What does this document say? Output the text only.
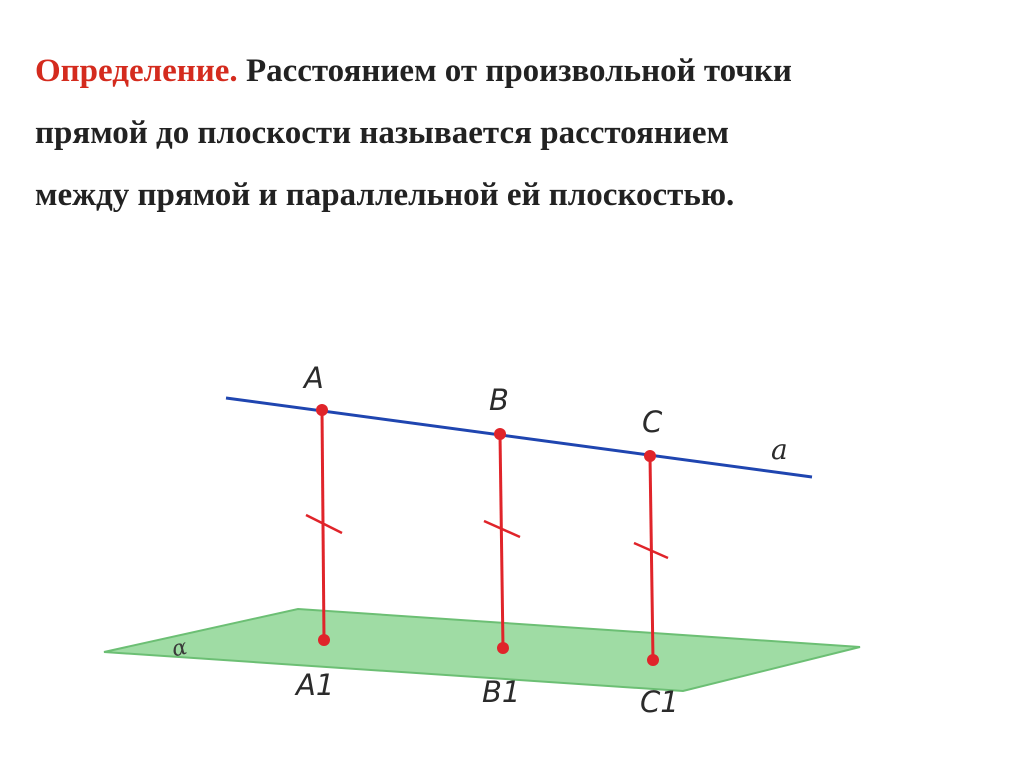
Определение. Расстоянием от произвольной точки
прямой до плоскости называется расстоянием
между прямой и параллельной ей плоскостью.
α
A
B
C
a
A1	B1	C1
